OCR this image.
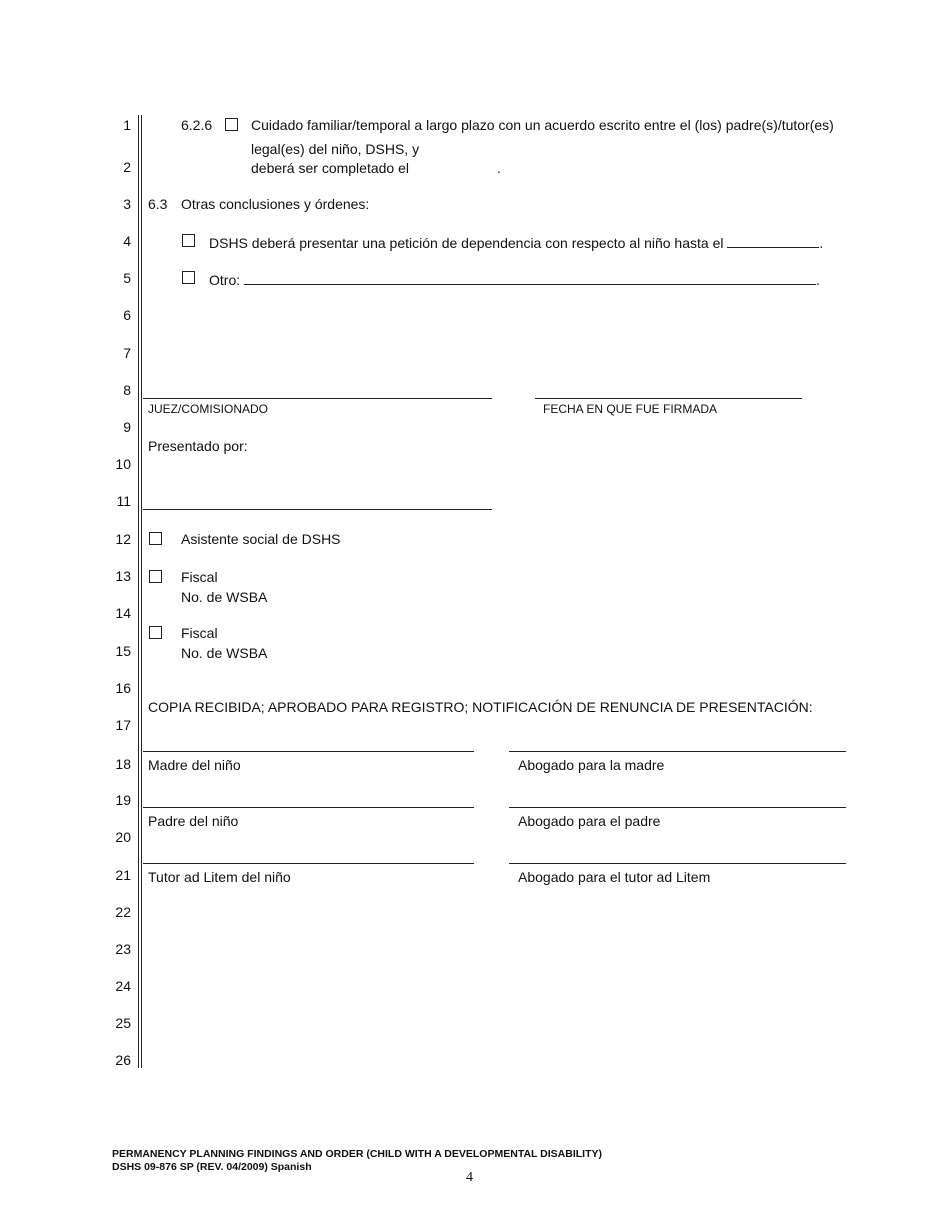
1
2
3
4
5
6
7
8
9
10
11
12
13
14
15
16
17
18
19
20
21
22
23
24
25
26
6.2.6	Cuidado familiar/temporal a largo plazo con un acuerdo escrito entre el (los) padre(s)/tutor(es)
legal(es) del niño, DSHS, y
deberá ser completado el	.
6.3 Otras conclusiones y órdenes:
DSHS deberá presentar una petición de dependencia con respecto al niño hasta el	.
Otro:	.
JUEZ/COMISIONADO	FECHA EN QUE FUE FIRMADA
Presentado por:
Asistente social de DSHS
Fiscal
No. de WSBA
Fiscal
No. de WSBA
COPIA RECIBIDA; APROBADO PARA REGISTRO; NOTIFICACIÓN DE RENUNCIA DE PRESENTACIÓN:
Madre del niño	Abogado para la madre
Padre del niño	Abogado para el padre
Tutor ad Litem del niño	Abogado para el tutor ad Litem
PERMANENCY PLANNING FINDINGS AND ORDER (CHILD WITH A DEVELOPMENTAL DISABILITY)
DSHS 09-876 SP (REV. 04/2009) Spanish
4
